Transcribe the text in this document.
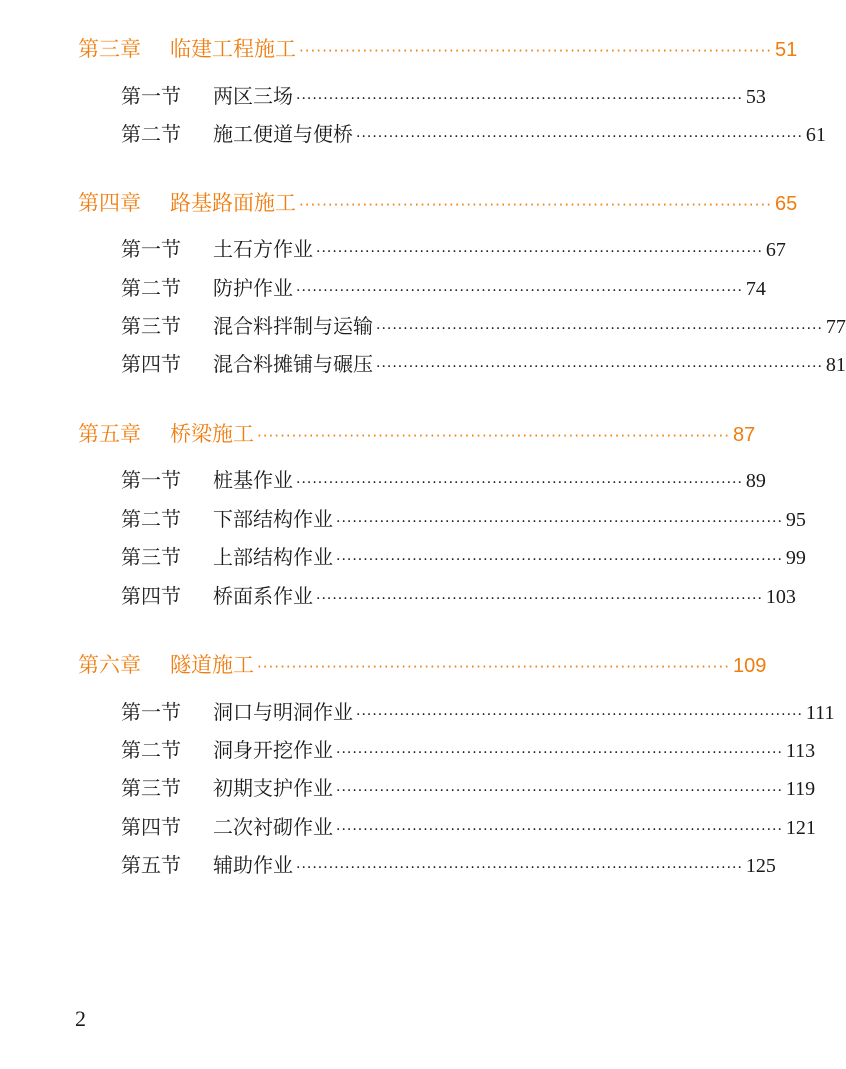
第三章	临建工程施工 ·················································································· 51
第一节	两区三场 ·················································································· 53
第二节	施工便道与便桥 ·················································································· 61
第四章	路基路面施工 ·················································································· 65
第一节	土石方作业 ·················································································· 67
第二节	防护作业 ·················································································· 74
第三节	混合料拌制与运输 ·················································································· 77
第四节	混合料摊铺与碾压 ·················································································· 81
第五章	桥梁施工 ·················································································· 87
第一节	桩基作业 ·················································································· 89
第二节	下部结构作业 ·················································································· 95
第三节	上部结构作业 ·················································································· 99
第四节	桥面系作业 ·················································································· 103
第六章	隧道施工 ·················································································· 109
第一节	洞口与明洞作业 ·················································································· 111
第二节	洞身开挖作业 ·················································································· 113
第三节	初期支护作业 ·················································································· 119
第四节	二次衬砌作业 ·················································································· 121
第五节	辅助作业 ·················································································· 125
2
